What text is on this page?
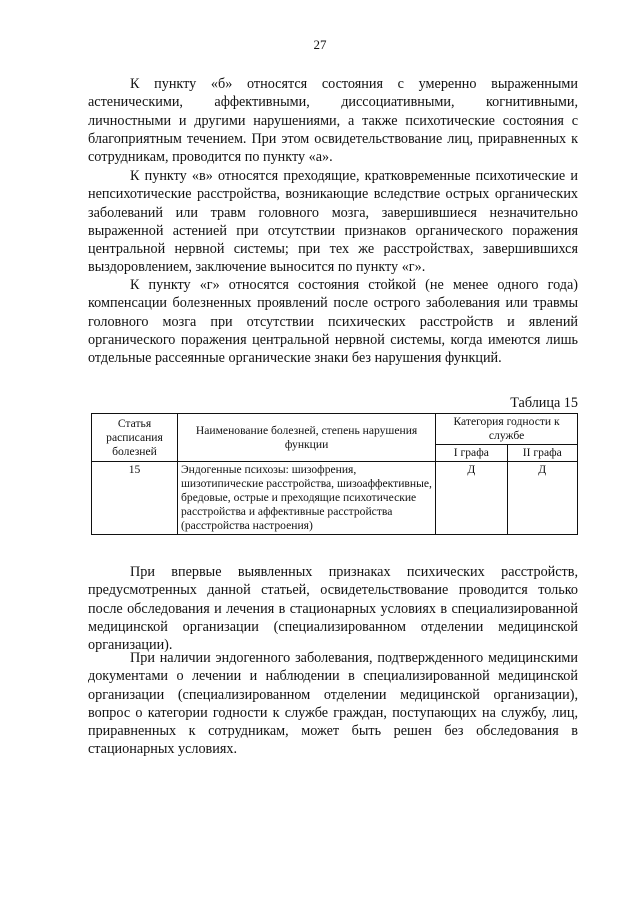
27

К пункту «б» относятся состояния с умеренно выраженными астеническими, аффективными, диссоциативными, когнитивными, личностными и другими нарушениями, а также психотические состояния с благоприятным течением. При этом освидетельствование лиц, приравненных к сотрудникам, проводится по пункту «а».

К пункту «в» относятся преходящие, кратковременные психотические и непсихотические расстройства, возникающие вследствие острых органических заболеваний или травм головного мозга, завершившиеся незначительно выраженной астенией при отсутствии признаков органического поражения центральной нервной системы; при тех же расстройствах, завершившихся выздоровлением, заключение выносится по пункту «г».

К пункту «г» относятся состояния стойкой (не менее одного года) компенсации болезненных проявлений после острого заболевания или травмы головного мозга при отсутствии психических расстройств и явлений органического поражения центральной нервной системы, когда имеются лишь отдельные рассеянные органические знаки без нарушения функций.

Таблица 15
Статья расписания болезней	Наименование болезней, степень нарушения функции	Категория годности к службе	
		I графа	II графа
15	Эндогенные психозы: шизофрения, шизотипические расстройства, шизоаффективные, бредовые, острые и преходящие психотические расстройства и аффективные расстройства (расстройства настроения)	Д	Д

При впервые выявленных признаках психических расстройств, предусмотренных данной статьей, освидетельствование проводится только после обследования и лечения в стационарных условиях в специализированной медицинской организации (специализированном отделении медицинской организации).

При наличии эндогенного заболевания, подтвержденного медицинскими документами о лечении и наблюдении в специализированной медицинской организации (специализированном отделении медицинской организации), вопрос о категории годности к службе граждан, поступающих на службу, лиц, приравненных к сотрудникам, может быть решен без обследования в стационарных условиях.
